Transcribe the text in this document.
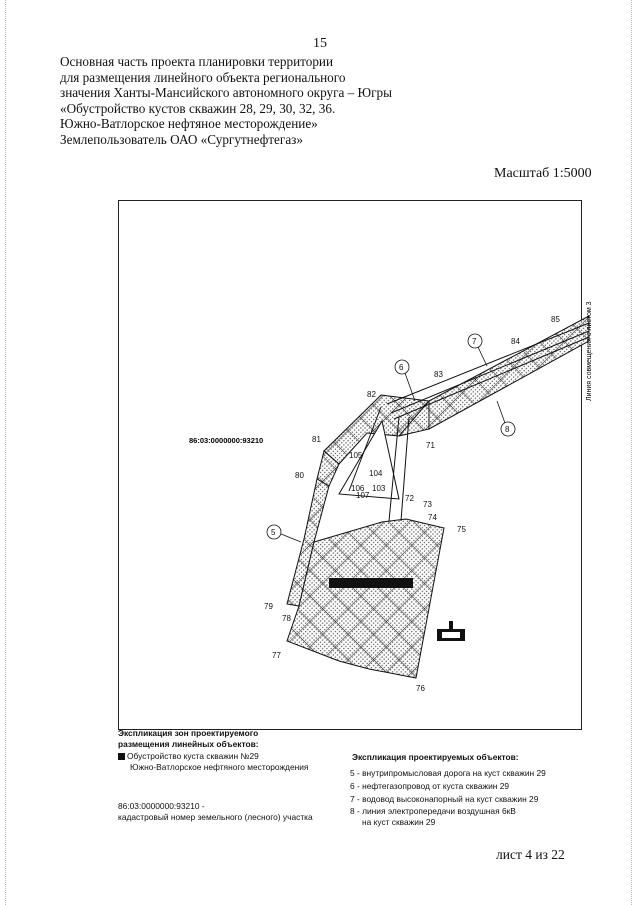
15
Основная часть проекта планировки территории
для размещения линейного объекта регионального
значения Ханты-Мансийского автономного округа – Югры
«Обустройство кустов скважин 28, 29, 30, 32, 36.
Южно-Ватлорское нефтяное месторождение»
Землепользователь ОАО «Сургутнефтегаз»
Масштаб 1:5000
Линия совмещения с листом 3
86:03:0000000:93210
85
84
83
82
81
80
79
78
77
76
75
74
73
72
71
104
105
106
107
103
5
6
7
8
Экспликация зон проектируемого
размещения линейных объектов:
Обустройство куста скважин №29
Южно-Ватлорское нефтяного месторождения
86:03:0000000:93210 -
кадастровый номер земельного (лесного) участка
Экспликация проектируемых объектов:
5 - внутрипромысловая дорога на куст скважин 29
6 - нефтегазопровод от куста скважин 29
7 - водовод высоконапорный на куст скважин 29
8 - линия электропередачи воздушная 6кВ
на куст скважин 29
лист 4 из 22
